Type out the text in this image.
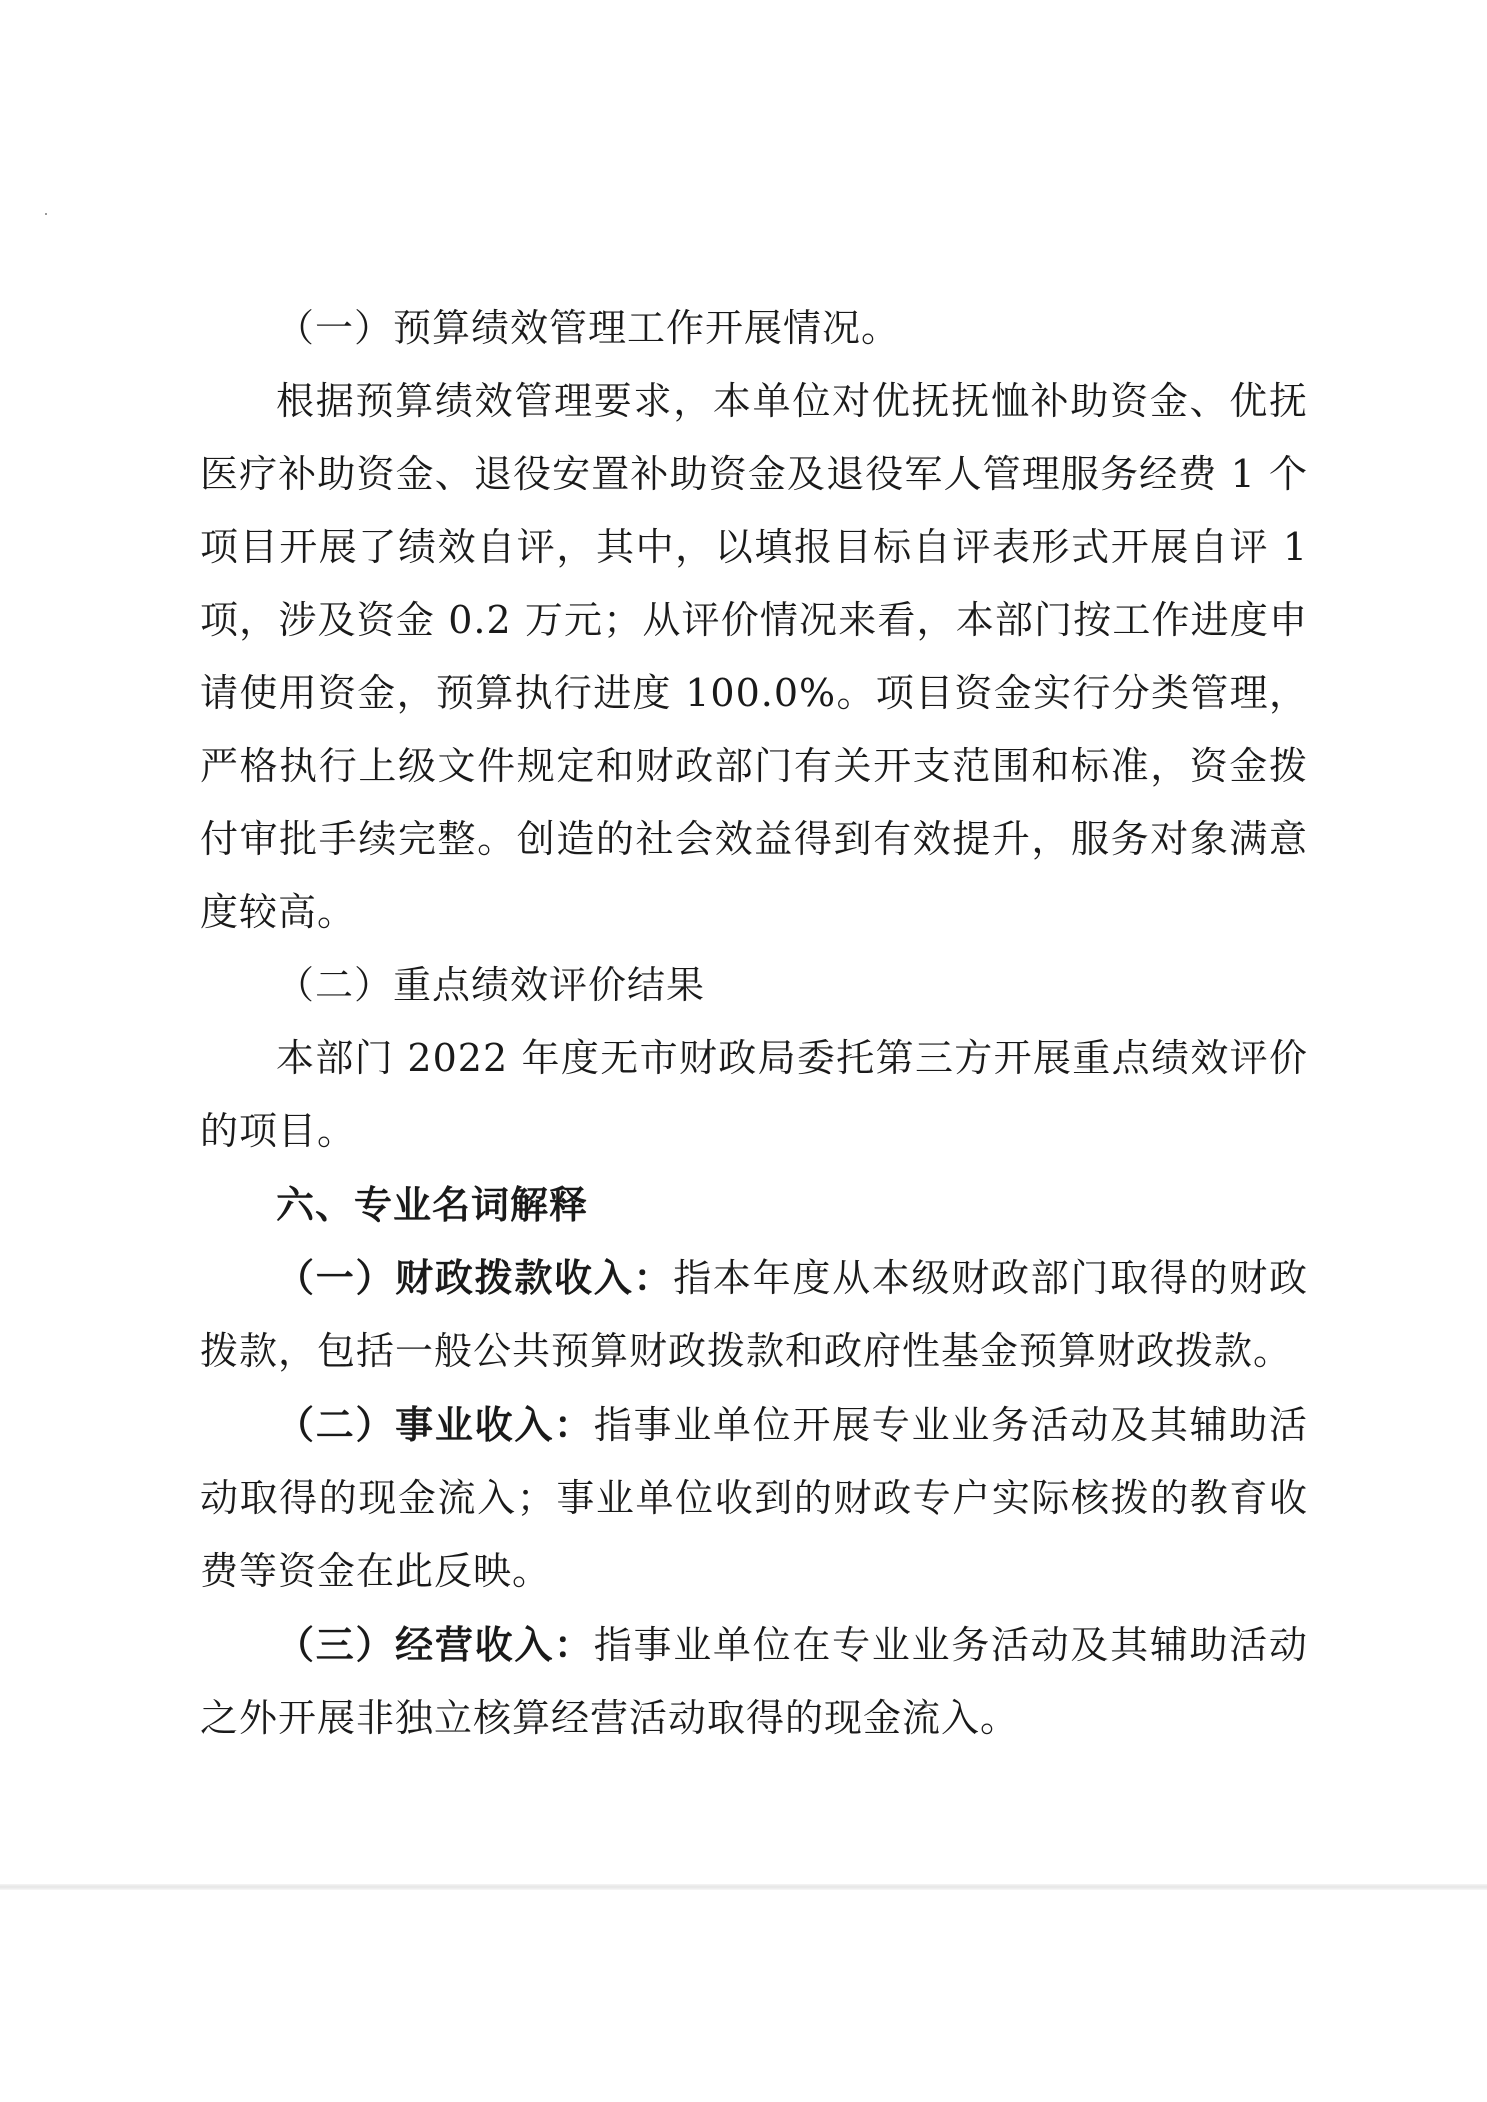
（一）预算绩效管理工作开展情况。

根据预算绩效管理要求，本单位对优抚抚恤补助资金、优抚医疗补助资金、退役安置补助资金及退役军人管理服务经费 1 个项目开展了绩效自评，其中，以填报目标自评表形式开展自评 1 项，涉及资金 0.2 万元；从评价情况来看，本部门按工作进度申请使用资金，预算执行进度 100.0%。项目资金实行分类管理，严格执行上级文件规定和财政部门有关开支范围和标准，资金拨付审批手续完整。创造的社会效益得到有效提升，服务对象满意度较高。

（二）重点绩效评价结果

本部门 2022 年度无市财政局委托第三方开展重点绩效评价的项目。

六、专业名词解释

（一）财政拨款收入：指本年度从本级财政部门取得的财政拨款，包括一般公共预算财政拨款和政府性基金预算财政拨款。

（二）事业收入：指事业单位开展专业业务活动及其辅助活动取得的现金流入；事业单位收到的财政专户实际核拨的教育收费等资金在此反映。

（三）经营收入：指事业单位在专业业务活动及其辅助活动之外开展非独立核算经营活动取得的现金流入。
